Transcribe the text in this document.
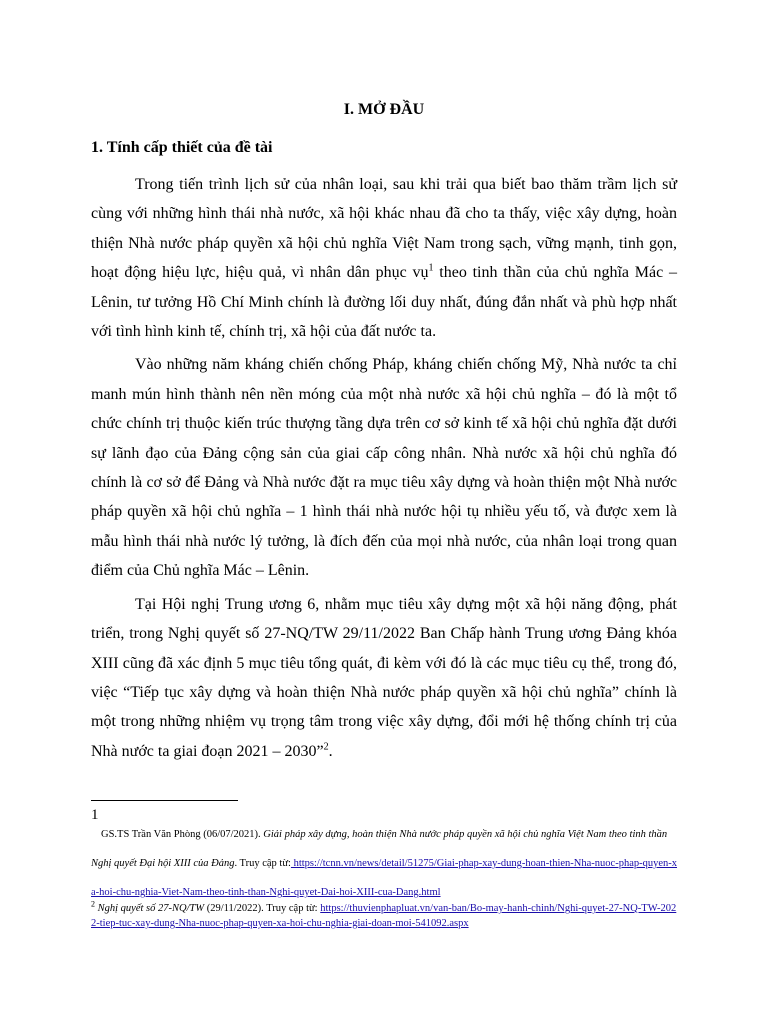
I. MỞ ĐẦU
1. Tính cấp thiết của đề tài

Trong tiến trình lịch sử của nhân loại, sau khi trải qua biết bao thăm trầm lịch sử cùng với những hình thái nhà nước, xã hội khác nhau đã cho ta thấy, việc xây dựng, hoàn thiện Nhà nước pháp quyền xã hội chủ nghĩa Việt Nam trong sạch, vững mạnh, tinh gọn, hoạt động hiệu lực, hiệu quả, vì nhân dân phục vụ$^1$ theo tinh thần của chủ nghĩa Mác – Lênin, tư tưởng Hồ Chí Minh chính là đường lối duy nhất, đúng đắn nhất và phù hợp nhất với tình hình kinh tế, chính trị, xã hội của đất nước ta.

Vào những năm kháng chiến chống Pháp, kháng chiến chống Mỹ, Nhà nước ta chỉ manh mún hình thành nên nền móng của một nhà nước xã hội chủ nghĩa – đó là một tổ chức chính trị thuộc kiến trúc thượng tầng dựa trên cơ sở kinh tế xã hội chủ nghĩa đặt dưới sự lãnh đạo của Đảng cộng sản của giai cấp công nhân. Nhà nước xã hội chủ nghĩa đó chính là cơ sở để Đảng và Nhà nước đặt ra mục tiêu xây dựng và hoàn thiện một Nhà nước pháp quyền xã hội chủ nghĩa – 1 hình thái nhà nước hội tụ nhiều yếu tố, và được xem là mẫu hình thái nhà nước lý tưởng, là đích đến của mọi nhà nước, của nhân loại trong quan điểm của Chủ nghĩa Mác – Lênin.

Tại Hội nghị Trung ương 6, nhằm mục tiêu xây dựng một xã hội năng động, phát triển, trong Nghị quyết số 27-NQ/TW 29/11/2022 Ban Chấp hành Trung ương Đảng khóa XIII cũng đã xác định 5 mục tiêu tổng quát, đi kèm với đó là các mục tiêu cụ thể, trong đó, việc “Tiếp tục xây dựng và hoàn thiện Nhà nước pháp quyền xã hội chủ nghĩa” chính là một trong những nhiệm vụ trọng tâm trong việc xây dựng, đổi mới hệ thống chính trị của Nhà nước ta giai đoạn 2021 – 2030”$^2$.

1
GS.TS Trần Văn Phòng (06/07/2021). Giải pháp xây dựng, hoàn thiện Nhà nước pháp quyền xã hội chủ nghĩa Việt Nam theo tinh thần Nghị quyết Đại hội XIII của Đảng. Truy cập từ: https://tcnn.vn/news/detail/51275/Giai-phap-xay-dung-hoan-thien-Nha-nuoc-phap-quyen-xa-hoi-chu-nghia-Viet-Nam-theo-tinh-than-Nghi-quyet-Dai-hoi-XIII-cua-Dang.html
$^2$ Nghị quyết số 27-NQ/TW (29/11/2022). Truy cập từ: https://thuvienphapluat.vn/van-ban/Bo-may-hanh-chinh/Nghi-quyet-27-NQ-TW-2022-tiep-tuc-xay-dung-Nha-nuoc-phap-quyen-xa-hoi-chu-nghia-giai-doan-moi-541092.aspx
